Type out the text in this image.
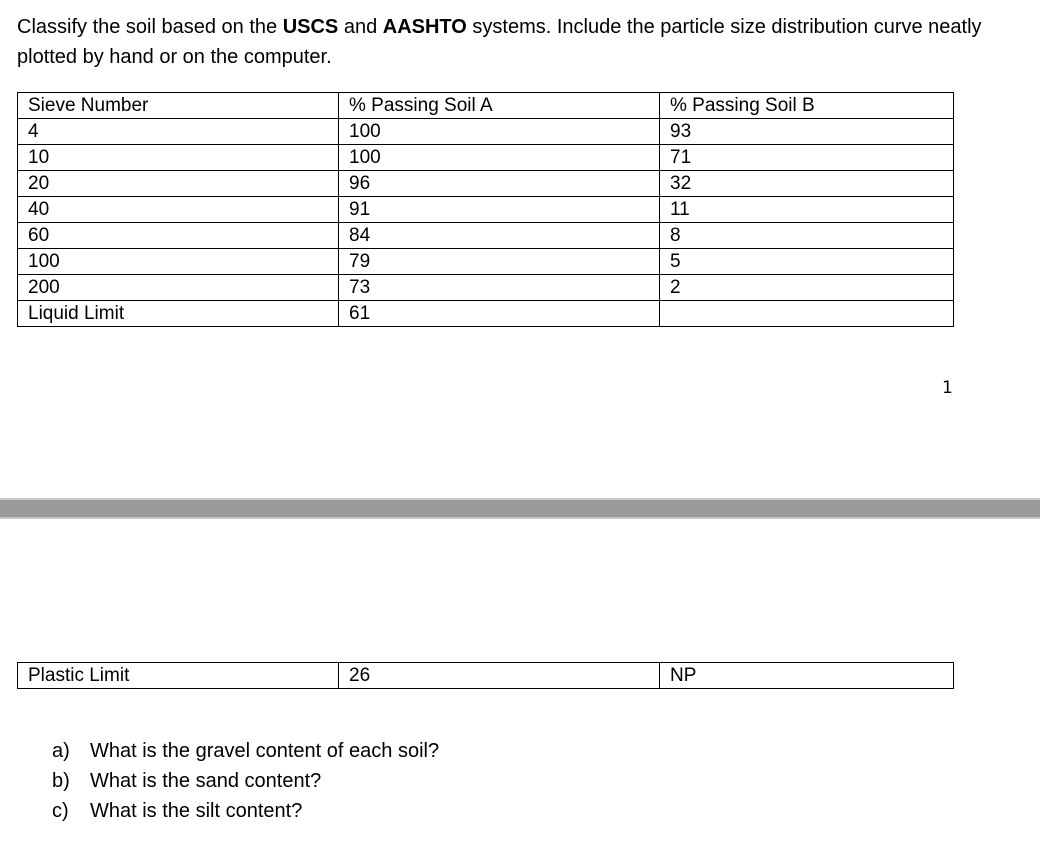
Classify the soil based on the USCS and AASHTO systems. Include the particle size distribution curve neatly plotted by hand or on the computer.

Sieve Number	% Passing Soil A	% Passing Soil B
4	100	93
10	100	71
20	96	32
40	91	11
60	84	8
100	79	5
200	73	2
Liquid Limit	61	
1
Plastic Limit	26	NP
a)	What is the gravel content of each soil?
b)	What is the sand content?
c)	What is the silt content?
